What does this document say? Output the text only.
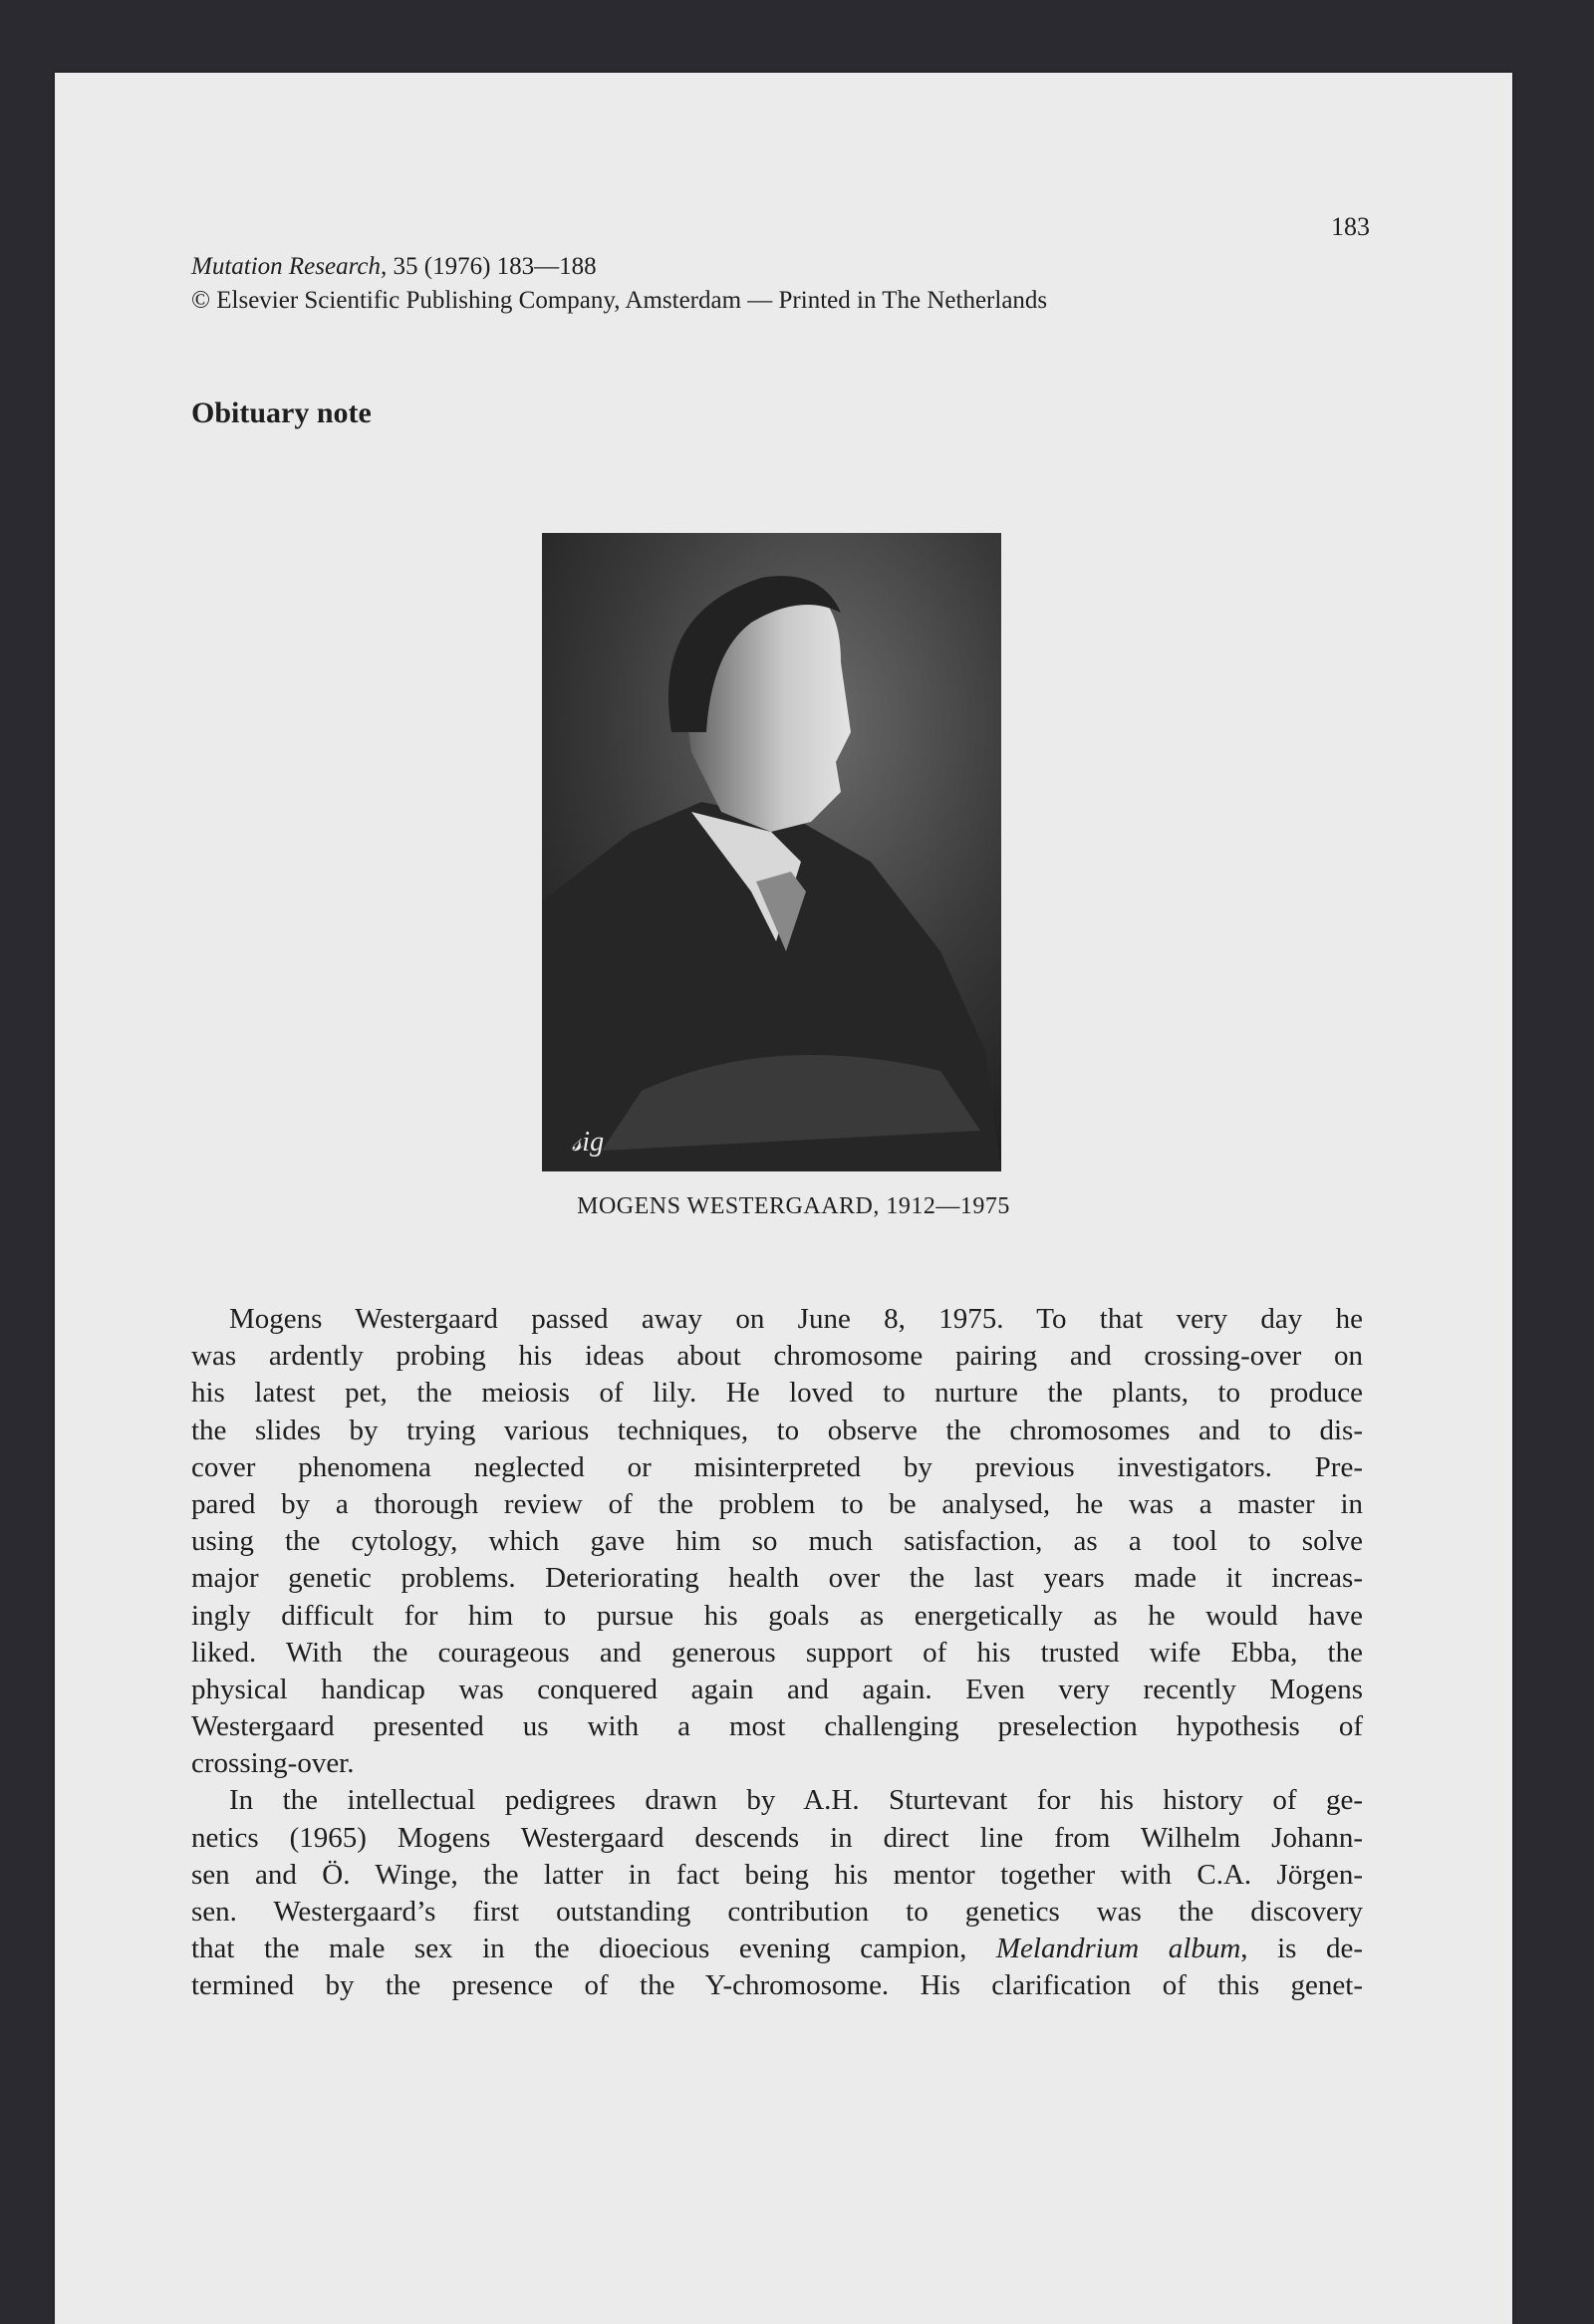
183
Mutation Research, 35 (1976) 183—188
© Elsevier Scientific Publishing Company, Amsterdam — Printed in The Netherlands
Obituary note
𝓈ig
MOGENS WESTERGAARD, 1912—1975
Mogens Westergaard passed away on June 8, 1975. To that very day he
was ardently probing his ideas about chromosome pairing and crossing-over on
his latest pet, the meiosis of lily. He loved to nurture the plants, to produce
the slides by trying various techniques, to observe the chromosomes and to dis-
cover phenomena neglected or misinterpreted by previous investigators. Pre-
pared by a thorough review of the problem to be analysed, he was a master in
using the cytology, which gave him so much satisfaction, as a tool to solve
major genetic problems. Deteriorating health over the last years made it increas-
ingly difficult for him to pursue his goals as energetically as he would have
liked. With the courageous and generous support of his trusted wife Ebba, the
physical handicap was conquered again and again. Even very recently Mogens
Westergaard presented us with a most challenging preselection hypothesis of
crossing-over.
In the intellectual pedigrees drawn by A.H. Sturtevant for his history of ge-
netics (1965) Mogens Westergaard descends in direct line from Wilhelm Johann-
sen and Ö. Winge, the latter in fact being his mentor together with C.A. Jörgen-
sen. Westergaard’s first outstanding contribution to genetics was the discovery
that the male sex in the dioecious evening campion, Melandrium album, is de-
termined by the presence of the Y-chromosome. His clarification of this genet-
